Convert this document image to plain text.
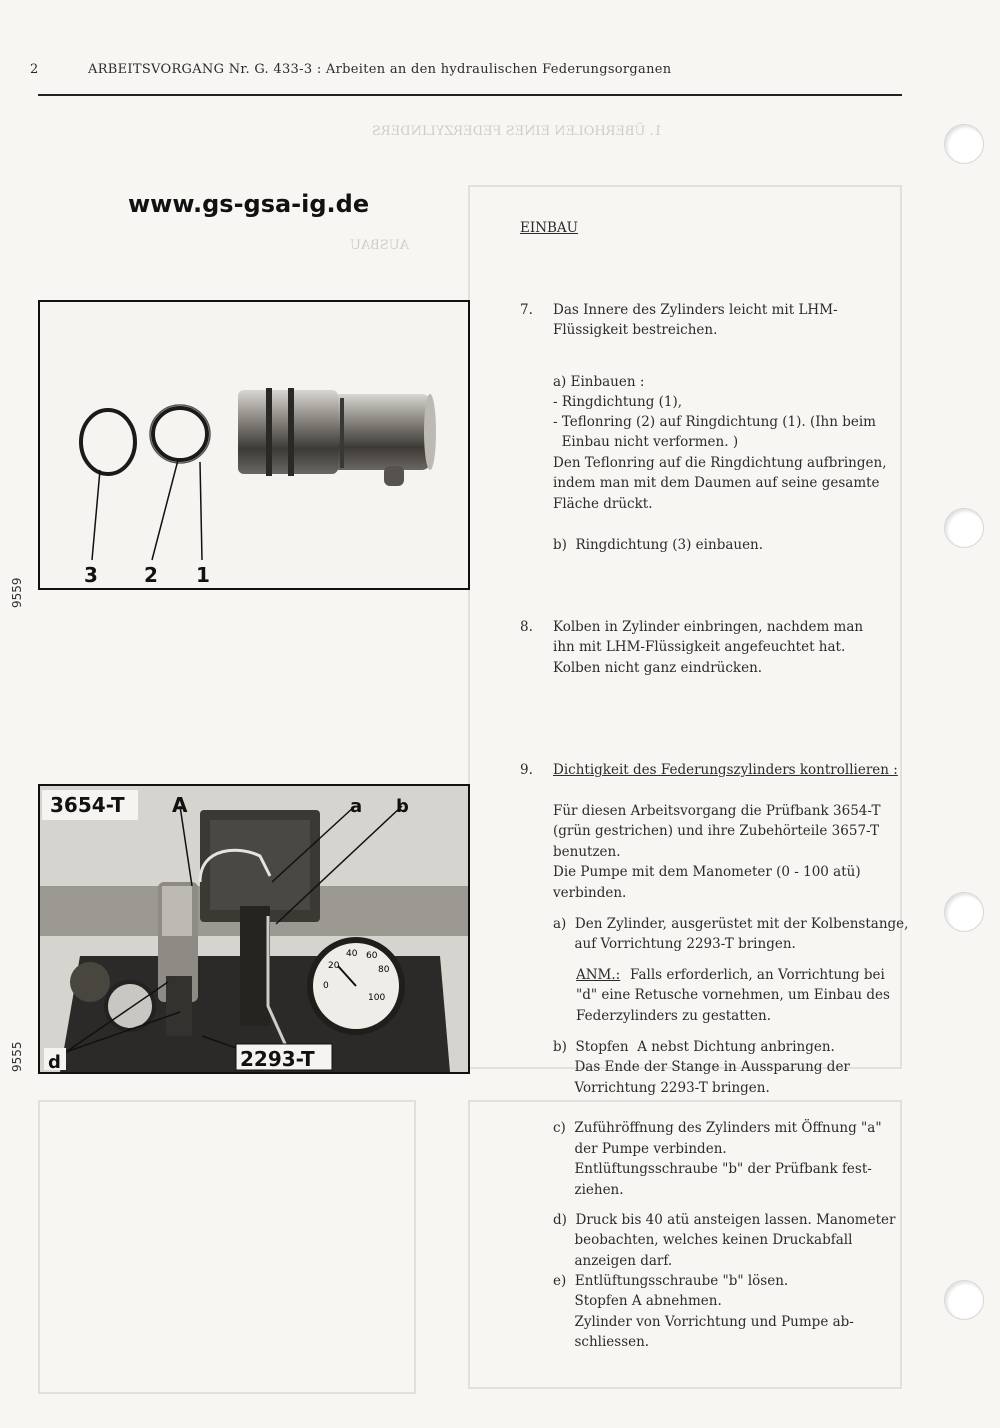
1. ÜBERHOLEN EINES FEDERZYLINDERS
AUSBAU
2	ARBEITSVORGANG Nr. G. 433-3 : Arbeiten an den hydraulischen Federungsorganen
www.gs-gsa-ig.de
9559
3 2 1
9555
0
20
40 60
80
100
3654-T A	a b
d	2293-T
EINBAU
7. Das Innere des Zylinders leicht mit LHM-
Flüssigkeit bestreichen.
a) Einbauen :
- Ringdichtung (1),
- Teflonring (2) auf Ringdichtung (1). (Ihn beim
Einbau nicht verformen. )
Den Teflonring auf die Ringdichtung aufbringen,
indem man mit dem Daumen auf seine gesamte
Fläche drückt.
b)  Ringdichtung (3) einbauen.
8. Kolben in Zylinder einbringen, nachdem man
ihn mit LHM-Flüssigkeit angefeuchtet hat.
Kolben nicht ganz eindrücken.
9. Dichtigkeit des Federungszylinders kontrollieren :
Für diesen Arbeitsvorgang die Prüfbank 3654-T
(grün gestrichen) und ihre Zubehörteile 3657-T
benutzen.
Die Pumpe mit dem Manometer (0 - 100 atü)
verbinden.
a)  Den Zylinder, ausgerüstet mit der Kolbenstange,
auf Vorrichtung 2293-T bringen.
ANM.: Falls erforderlich, an Vorrichtung bei
"d" eine Retusche vornehmen, um Einbau des
Federzylinders zu gestatten.
b)  Stopfen  A nebst Dichtung anbringen.
Das Ende der Stange in Aussparung der
Vorrichtung 2293-T bringen.
c)  Zuführöffnung des Zylinders mit Öffnung "a"
der Pumpe verbinden.
Entlüftungsschraube "b" der Prüfbank fest-
ziehen.
d)  Druck bis 40 atü ansteigen lassen. Manometer
beobachten, welches keinen Druckabfall
anzeigen darf.
e)  Entlüftungsschraube "b" lösen.
Stopfen A abnehmen.
Zylinder von Vorrichtung und Pumpe ab-
schliessen.
